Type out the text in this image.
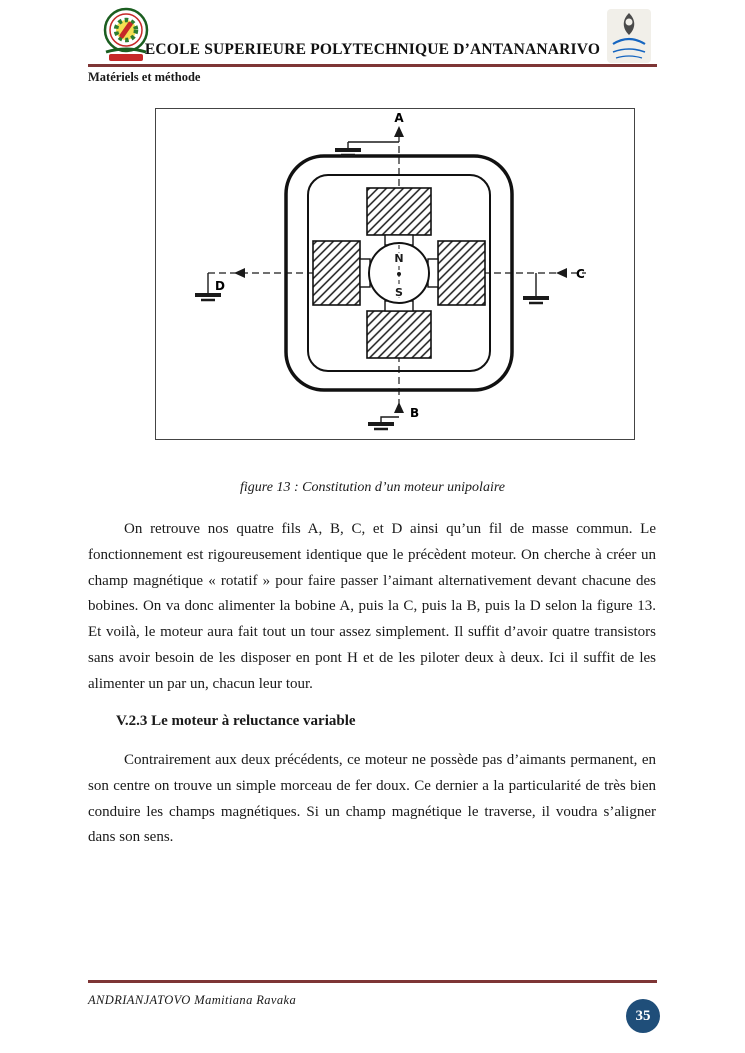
ECOLE SUPERIEURE POLYTECHNIQUE D’ANTANANARIVO
Matériels et méthode
A
B
C
D
N
S
figure 13 : Constitution d’un moteur unipolaire

On retrouve nos quatre fils A, B, C, et D ainsi qu’un fil de masse commun. Le fonctionnement est rigoureusement identique que le précèdent moteur. On cherche à créer un champ magnétique « rotatif » pour faire passer l’aimant alternativement devant chacune des bobines. On va donc alimenter la bobine A, puis la C, puis la B, puis la D selon la figure 13. Et voilà, le moteur aura fait tout un tour assez simplement. Il suffit d’avoir quatre transistors sans avoir besoin de les disposer en pont H et de les piloter deux à deux. Ici il suffit de les alimenter un par un, chacun leur tour.

V.2.3 Le moteur à reluctance variable

Contrairement aux deux précédents, ce moteur ne possède pas d’aimants permanent, en son centre on trouve un simple morceau de fer doux. Ce dernier a la particularité de très bien conduire les champs magnétiques. Si un champ magnétique le traverse, il voudra s’aligner dans son sens.

ANDRIANJATOVO Mamitiana Ravaka
35
